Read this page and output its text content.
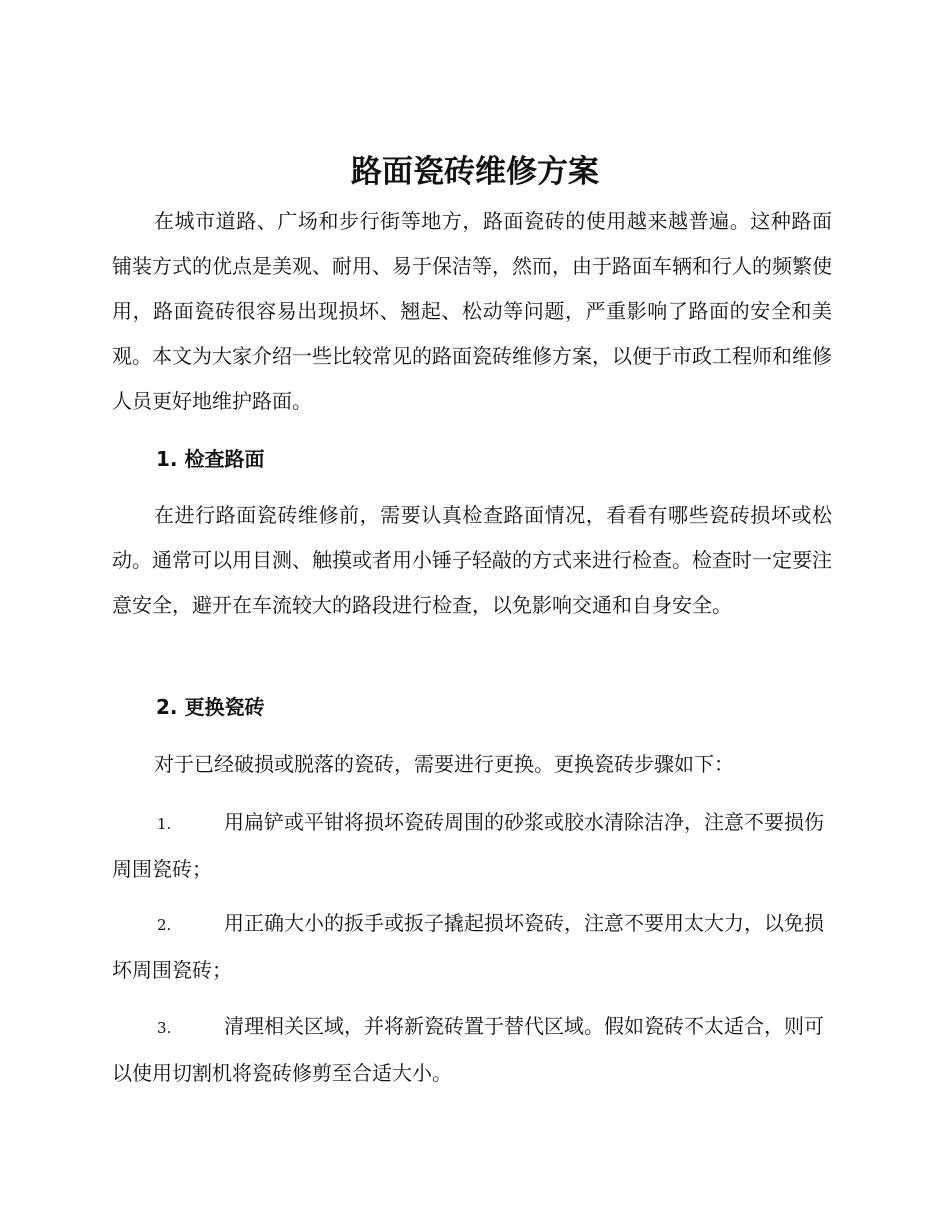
路面瓷砖维修方案

在城市道路、广场和步行街等地方，路面瓷砖的使用越来越普遍。这种路面铺装方式的优点是美观、耐用、易于保洁等，然而，由于路面车辆和行人的频繁使用，路面瓷砖很容易出现损坏、翘起、松动等问题，严重影响了路面的安全和美观。本文为大家介绍一些比较常见的路面瓷砖维修方案，以便于市政工程师和维修人员更好地维护路面。

1. 检查路面

在进行路面瓷砖维修前，需要认真检查路面情况，看看有哪些瓷砖损坏或松动。通常可以用目测、触摸或者用小锤子轻敲的方式来进行检查。检查时一定要注意安全，避开在车流较大的路段进行检查，以免影响交通和自身安全。

2. 更换瓷砖

对于已经破损或脱落的瓷砖，需要进行更换。更换瓷砖步骤如下：

1.	用扁铲或平钳将损坏瓷砖周围的砂浆或胶水清除洁净，注意不要损伤周围瓷砖；

2.	用正确大小的扳手或扳子撬起损坏瓷砖，注意不要用太大力，以免损坏周围瓷砖；

3.	清理相关区域，并将新瓷砖置于替代区域。假如瓷砖不太适合，则可以使用切割机将瓷砖修剪至合适大小。
